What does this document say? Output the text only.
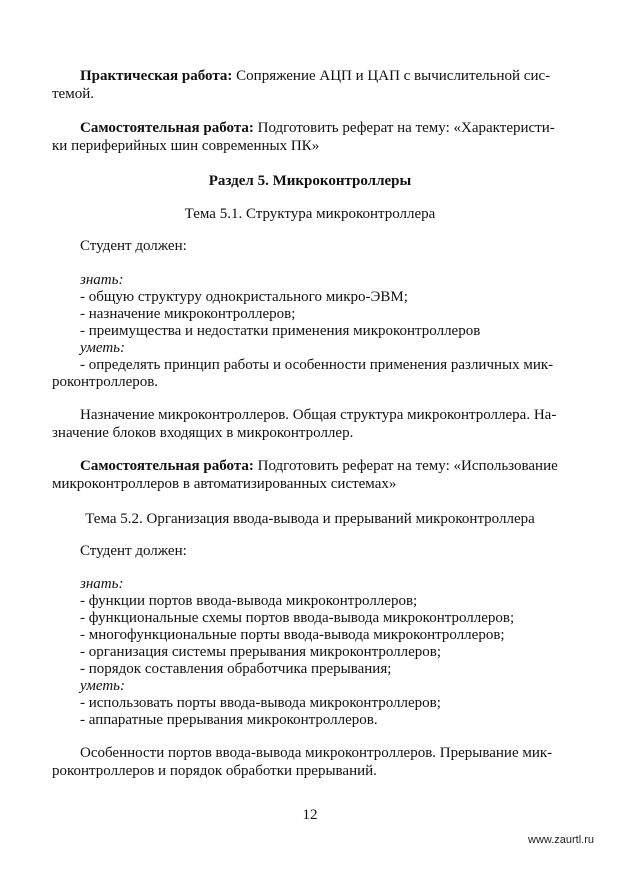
Практическая работа: Сопряжение АЦП и ЦАП с вычислительной сис-
темой.
Самостоятельная работа: Подготовить реферат на тему: «Характеристи-
ки периферийных шин современных ПК»
Раздел 5. Микроконтроллеры
Тема 5.1. Структура микроконтроллера
Студент должен:
знать:
- общую структуру однокристального микро-ЭВМ;
- назначение микроконтроллеров;
- преимущества и недостатки применения микроконтроллеров
уметь:
- определять принцип работы и особенности применения различных мик-
роконтроллеров.
Назначение микроконтроллеров. Общая структура микроконтроллера. На-
значение блоков входящих в микроконтроллер.
Самостоятельная работа: Подготовить реферат на тему: «Использование
микроконтроллеров в автоматизированных системах»
Тема 5.2. Организация ввода-вывода и прерываний микроконтроллера
Студент должен:
знать:
- функции портов ввода-вывода микроконтроллеров;
- функциональные схемы портов ввода-вывода микроконтроллеров;
- многофункциональные порты ввода-вывода микроконтроллеров;
- организация системы прерывания микроконтроллеров;
- порядок составления обработчика прерывания;
уметь:
- использовать порты ввода-вывода микроконтроллеров;
- аппаратные прерывания микроконтроллеров.
Особенности портов ввода-вывода микроконтроллеров. Прерывание мик-
роконтроллеров и порядок обработки прерываний.
12
www.zaurtl.ru
